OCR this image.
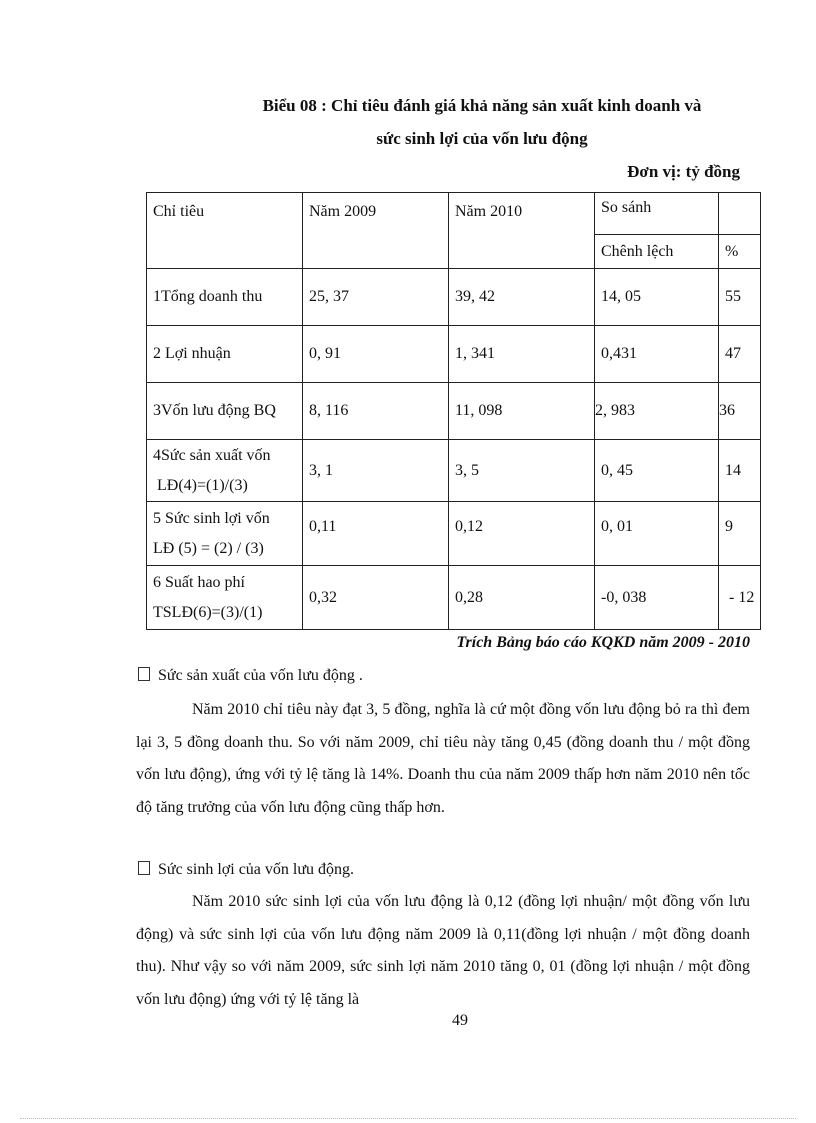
Biểu 08 : Chỉ tiêu đánh giá khả năng sản xuất kinh doanh và
sức sinh lợi của vốn lưu động
Đơn vị: tỷ đồng
Chỉ tiêu	Năm 2009	Năm 2010	So sánh	
			Chênh lệch	%
1Tổng doanh thu	25, 37	39, 42	14, 05	55
2 Lợi nhuận	0, 91	1, 341	0,431	47
3Vốn lưu động BQ	8, 116	11, 098	2, 983	36

4Sức sản xuất vốn
LĐ(4)=(1)/(3)	3, 1	3, 5	0, 45	14

5 Sức sinh lợi vốn
LĐ (5) = (2) / (3)	0,11	0,12	0, 01	9

6 Suất hao phí
TSLĐ(6)=(3)/(1)	0,32	0,28	-0, 038	- 12
Trích Bảng báo cáo KQKD năm 2009 - 2010
Sức sản xuất của vốn lưu động .

Năm 2010 chỉ tiêu này đạt 3, 5 đồng, nghĩa là cứ một đồng vốn lưu động bỏ ra thì đem lại 3, 5 đồng doanh thu. So với năm 2009, chỉ tiêu này tăng 0,45 (đồng doanh thu / một đồng vốn lưu động), ứng với tỷ lệ tăng là 14%. Doanh thu của năm 2009 thấp hơn năm 2010 nên tốc độ tăng trưởng của vốn lưu động cũng thấp hơn.

Sức sinh lợi của vốn lưu động.

Năm 2010 sức sinh lợi của vốn lưu động là 0,12 (đồng lợi nhuận/ một đồng vốn lưu động) và sức sinh lợi của vốn lưu động năm 2009 là 0,11(đồng lợi nhuận / một đồng doanh thu). Như vậy so với năm 2009, sức sinh lợi năm 2010 tăng 0, 01 (đồng lợi nhuận / một đồng vốn lưu động) ứng với tỷ lệ tăng là

49
